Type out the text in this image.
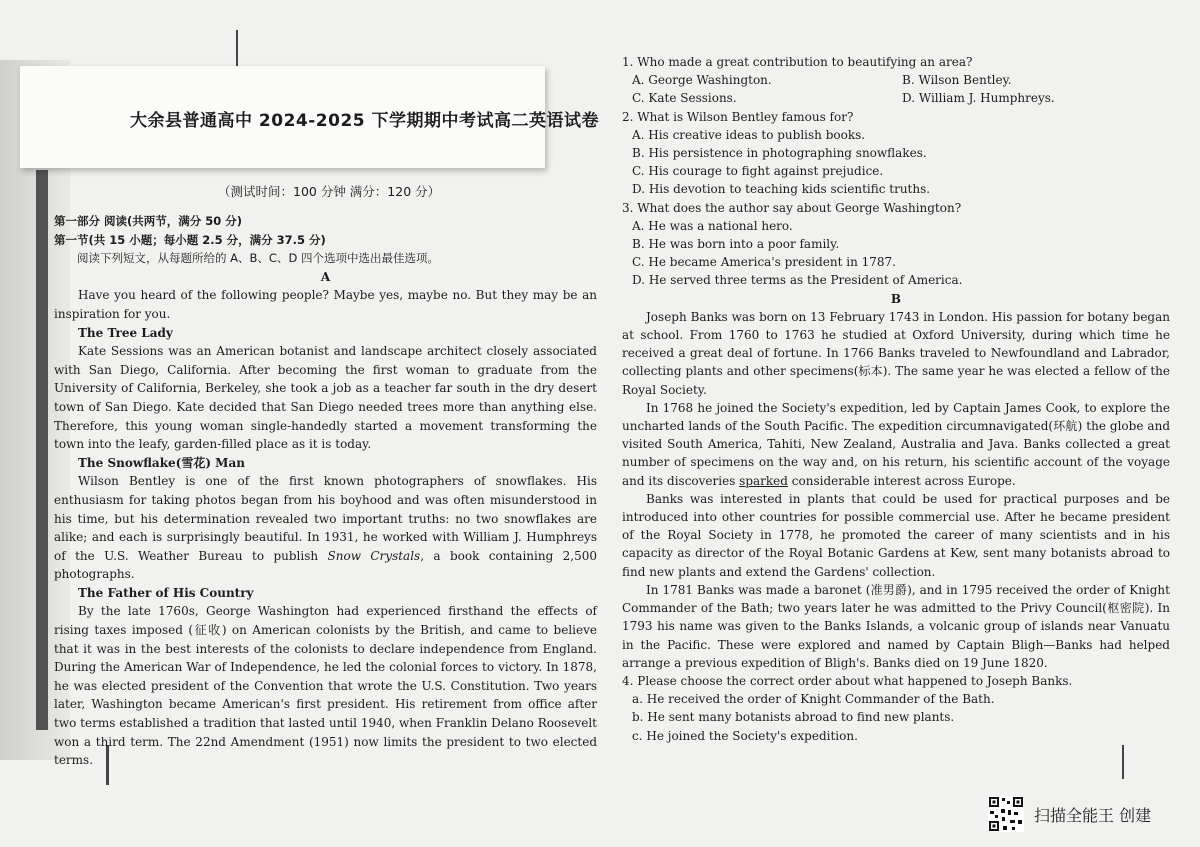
大余县普通高中 2024-2025 下学期期中考试高二英语试卷
（测试时间：100 分钟 满分：120 分）

第一部分 阅读(共两节，满分 50 分)

第一节(共 15 小题；每小题 2.5 分，满分 37.5 分)

阅读下列短文，从每题所给的 A、B、C、D 四个选项中选出最佳选项。

A

Have you heard of the following people? Maybe yes, maybe no. But they may be an inspiration for you.

The Tree Lady

Kate Sessions was an American botanist and landscape architect closely associated with San Diego, California. After becoming the first woman to graduate from the University of California, Berkeley, she took a job as a teacher far south in the dry desert town of San Diego. Kate decided that San Diego needed trees more than anything else. Therefore, this young woman single-handedly started a movement transforming the town into the leafy, garden-filled place as it is today.

The Snowflake(雪花) Man

Wilson Bentley is one of the first known photographers of snowflakes. His enthusiasm for taking photos began from his boyhood and was often misunderstood in his time, but his determination revealed two important truths: no two snowflakes are alike; and each is surprisingly beautiful. In 1931, he worked with William J. Humphreys of the U.S. Weather Bureau to publish Snow Crystals, a book containing 2,500 photographs.

The Father of His Country

By the late 1760s, George Washington had experienced firsthand the effects of rising taxes imposed (征收) on American colonists by the British, and came to believe that it was in the best interests of the colonists to declare independence from England. During the American War of Independence, he led the colonial forces to victory. In 1878, he was elected president of the Convention that wrote the U.S. Constitution. Two years later, Washington became American's first president. His retirement from office after two terms established a tradition that lasted until 1940, when Franklin Delano Roosevelt won a third term. The 22nd Amendment (1951) now limits the president to two elected terms.

1. Who made a great contribution to beautifying an area?

A. George Washington.	B. Wilson Bentley.
C. Kate Sessions.	D. William J. Humphreys.

2. What is Wilson Bentley famous for?

A. His creative ideas to publish books.

B. His persistence in photographing snowflakes.

C. His courage to fight against prejudice.

D. His devotion to teaching kids scientific truths.

3. What does the author say about George Washington?

A. He was a national hero.

B. He was born into a poor family.

C. He became America's president in 1787.

D. He served three terms as the President of America.

B

Joseph Banks was born on 13 February 1743 in London. His passion for botany began at school. From 1760 to 1763 he studied at Oxford University, during which time he received a great deal of fortune. In 1766 Banks traveled to Newfoundland and Labrador, collecting plants and other specimens(标本). The same year he was elected a fellow of the Royal Society.

In 1768 he joined the Society's expedition, led by Captain James Cook, to explore the uncharted lands of the South Pacific. The expedition circumnavigated(环航) the globe and visited South America, Tahiti, New Zealand, Australia and Java. Banks collected a great number of specimens on the way and, on his return, his scientific account of the voyage and its discoveries sparked considerable interest across Europe.

Banks was interested in plants that could be used for practical purposes and be introduced into other countries for possible commercial use. After he became president of the Royal Society in 1778, he promoted the career of many scientists and in his capacity as director of the Royal Botanic Gardens at Kew, sent many botanists abroad to find new plants and extend the Gardens' collection.

In 1781 Banks was made a baronet (准男爵), and in 1795 received the order of Knight Commander of the Bath; two years later he was admitted to the Privy Council(枢密院). In 1793 his name was given to the Banks Islands, a volcanic group of islands near Vanuatu in the Pacific. These were explored and named by Captain Bligh—Banks had helped arrange a previous expedition of Bligh's. Banks died on 19 June 1820.

4. Please choose the correct order about what happened to Joseph Banks.

a. He received the order of Knight Commander of the Bath.

b. He sent many botanists abroad to find new plants.

c. He joined the Society's expedition.

扫描全能王 创建
